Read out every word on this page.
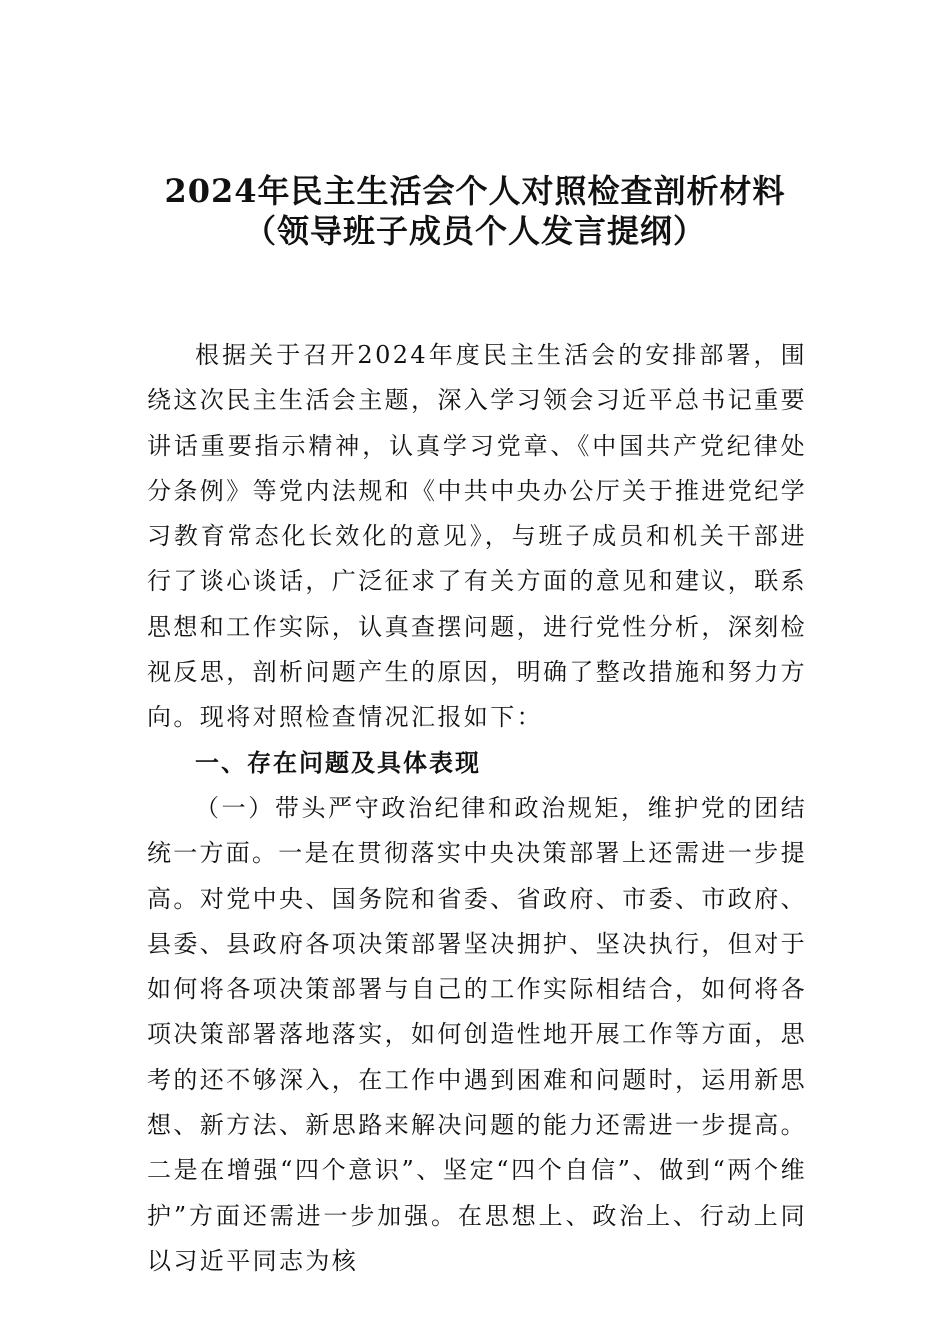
2024年民主生活会个人对照检查剖析材料
（领导班子成员个人发言提纲）

根据关于召开2024年度民主生活会的安排部署，围绕这次民主生活会主题，深入学习领会习近平总书记重要讲话重要指示精神，认真学习党章、《中国共产党纪律处分条例》等党内法规和《中共中央办公厅关于推进党纪学习教育常态化长效化的意见》，与班子成员和机关干部进行了谈心谈话，广泛征求了有关方面的意见和建议，联系思想和工作实际，认真查摆问题，进行党性分析，深刻检视反思，剖析问题产生的原因，明确了整改措施和努力方向。现将对照检查情况汇报如下：

一、存在问题及具体表现

（一）带头严守政治纪律和政治规矩，维护党的团结统一方面。一是在贯彻落实中央决策部署上还需进一步提高。对党中央、国务院和省委、省政府、市委、市政府、县委、县政府各项决策部署坚决拥护、坚决执行，但对于如何将各项决策部署与自己的工作实际相结合，如何将各项决策部署落地落实，如何创造性地开展工作等方面，思考的还不够深入，在工作中遇到困难和问题时，运用新思想、新方法、新思路来解决问题的能力还需进一步提高。二是在增强“四个意识”、坚定“四个自信”、做到“两个维护”方面还需进一步加强。在思想上、政治上、行动上同以习近平同志为核
